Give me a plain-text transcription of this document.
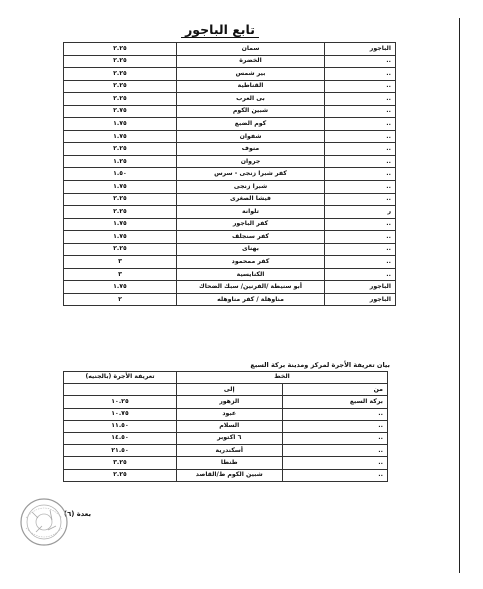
تابع الباجور
٢.٢٥	سمان	الباجور
٢.٢٥	الخضرة	..
٢.٢٥	بير شمس	..
٢.٢٥	القناطية	..
٢.٢٥	بى العرب	..
٢.٧٥	شبين الكوم	..
١.٧٥	كوم الضبع	..
١.٧٥	شفوان	..
٢.٢٥	منوف	..
١.٢٥	جروان	..
١.٥٠	كفر شبرا زنجى - سرس	..
١.٧٥	شبرا زنجى	..
٢.٢٥	فيشا الصغرى	..
٢.٢٥	تلوانة	ر
١.٧٥	كفر الباجور	..
١.٧٥	كفر سنجلف	..
٢.٢٥	بهناى	..
٣	كفر ممحمود	..
٣	الكنايسية	..
١.٧٥	أبو سنيطة /الفرنين/ سبك الضحاك	الباجور
٢	مناوهلة / كفر مناوهله	الباجور
بيان تعريفة الأجرة لمركز ومدينة بركة السبع
تعريفة الأجرة (بالجنيه)	الخط	
	إلى	من
١٠.٢٥	الزهور	بركة السبع
١٠.٧٥	عبود	..
١١.٥٠	السلام	..
١٤.٥٠	٦ اكتوبر	..
٢١.٥٠	أسكندرية	..
٣.٢٥	طنطا	..
٢.٢٥	شبين الكوم ط/القاصد	..
بعدة (٦)
